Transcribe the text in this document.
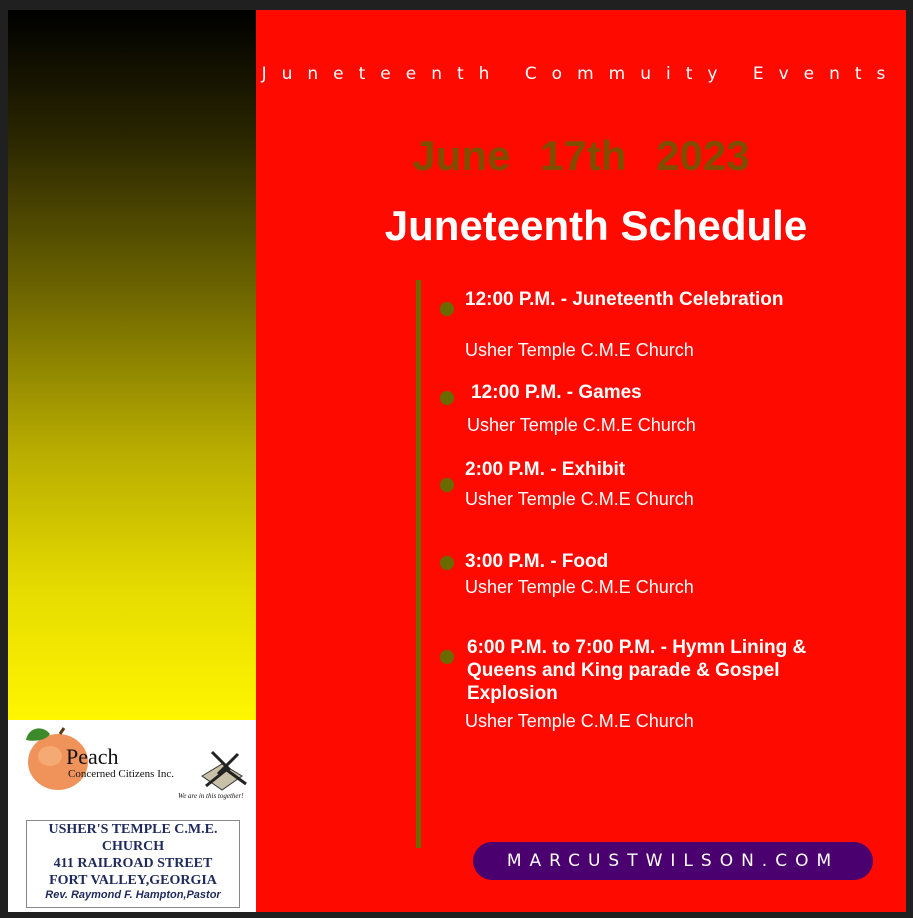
Peach
Concerned Citizens Inc.
We are in this together!
USHER'S TEMPLE C.M.E.
CHURCH
411 RAILROAD STREET
FORT VALLEY,GEORGIA
Rev. Raymond F. Hampton,Pastor
Juneteenth Commuity Events
June 17th 2023
Juneteenth Schedule
12:00 P.M. - Juneteenth Celebration
Usher Temple C.M.E Church
12:00 P.M. - Games
Usher Temple C.M.E Church
2:00 P.M. - Exhibit
Usher Temple C.M.E Church
3:00 P.M. - Food
Usher Temple C.M.E Church
6:00 P.M. to 7:00 P.M. - Hymn Lining & Queens and King parade & Gospel Explosion
Usher Temple C.M.E Church
MARCUSTWILSON.COM
